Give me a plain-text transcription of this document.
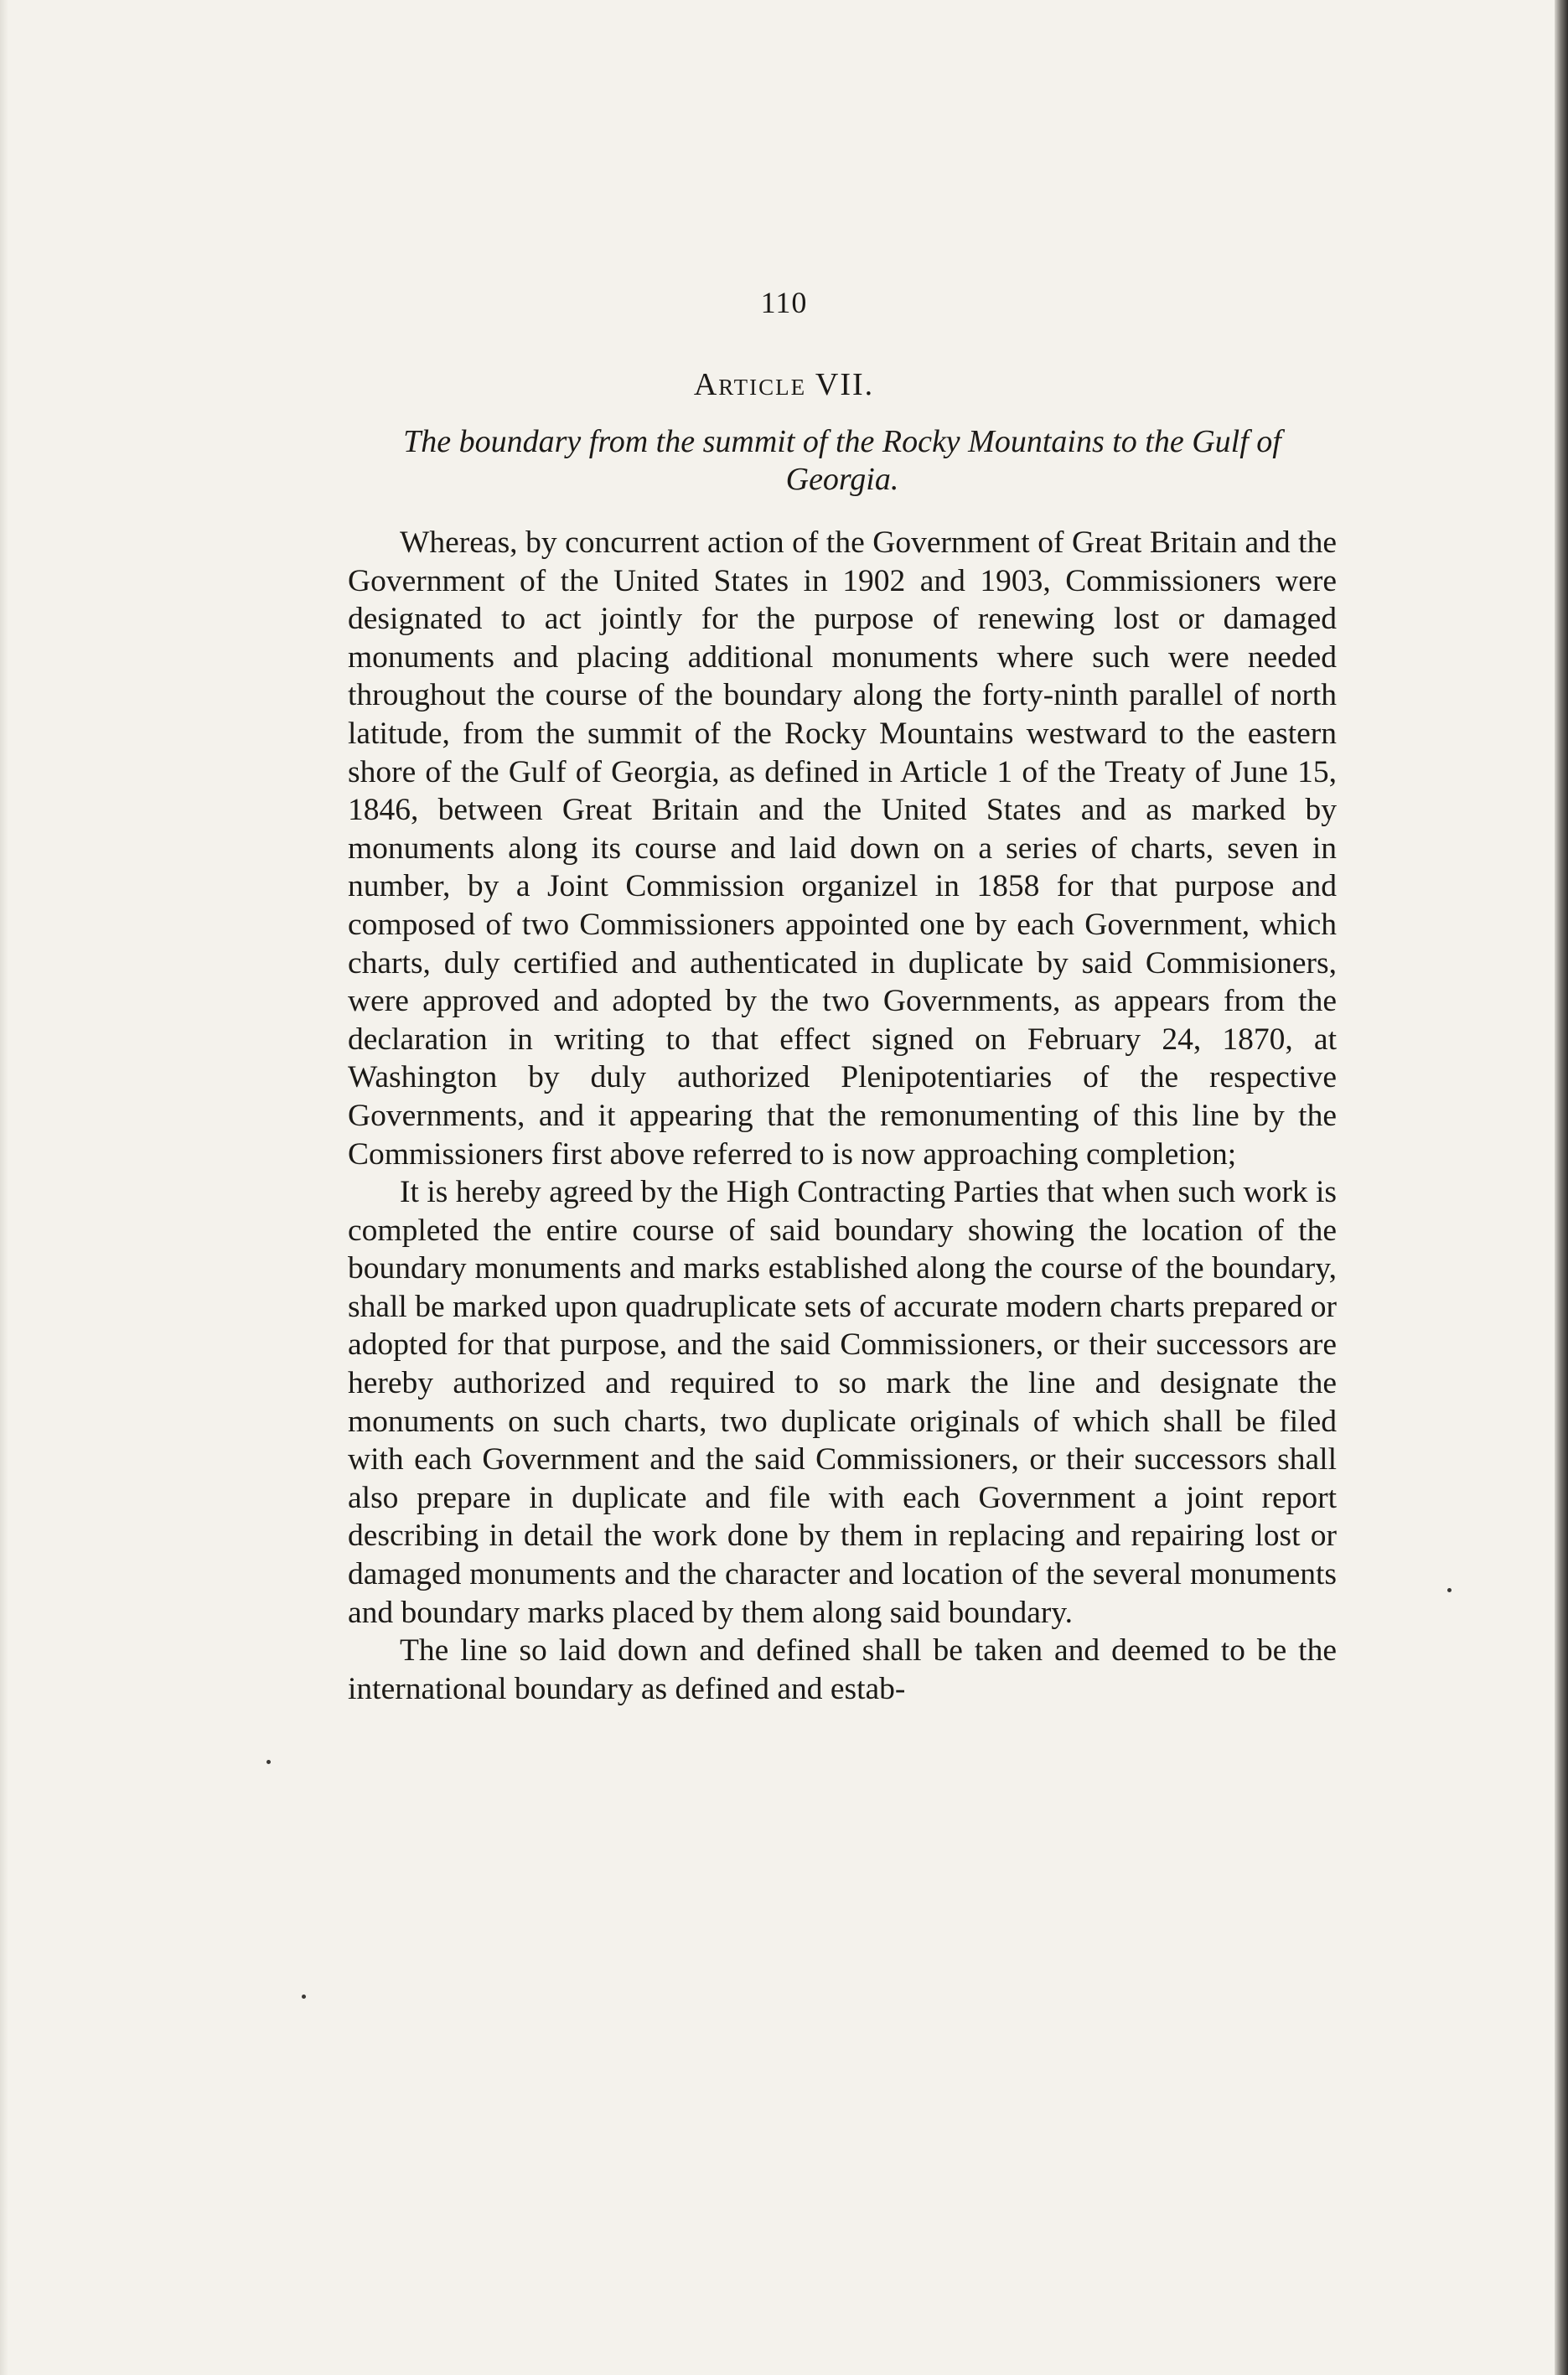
110
Article VII.
The boundary from the summit of the Rocky Mountains to the Gulf of Georgia.

Whereas, by concurrent action of the Government of Great Britain and the Government of the United States in 1902 and 1903, Commissioners were designated to act jointly for the purpose of renewing lost or damaged monuments and placing additional monuments where such were needed throughout the course of the boundary along the forty-ninth parallel of north latitude, from the summit of the Rocky Mountains westward to the eastern shore of the Gulf of Georgia, as defined in Article 1 of the Treaty of June 15, 1846, between Great Britain and the United States and as marked by monuments along its course and laid down on a series of charts, seven in number, by a Joint Commission organizel in 1858 for that purpose and composed of two Commissioners appointed one by each Government, which charts, duly certified and authenticated in duplicate by said Commisioners, were approved and adopted by the two Governments, as appears from the declaration in writing to that effect signed on February 24, 1870, at Washington by duly authorized Plenipotentiaries of the respective Governments, and it appearing that the remonumenting of this line by the Commissioners first above referred to is now approaching completion;

It is hereby agreed by the High Contracting Parties that when such work is completed the entire course of said boundary showing the location of the boundary monuments and marks established along the course of the boundary, shall be marked upon quadruplicate sets of accurate modern charts prepared or adopted for that purpose, and the said Commissioners, or their successors are hereby authorized and required to so mark the line and designate the monuments on such charts, two duplicate originals of which shall be filed with each Government and the said Commissioners, or their successors shall also prepare in duplicate and file with each Government a joint report describing in detail the work done by them in replacing and repairing lost or damaged monuments and the character and location of the several monuments and boundary marks placed by them along said boundary.

The line so laid down and defined shall be taken and deemed to be the international boundary as defined and estab-
